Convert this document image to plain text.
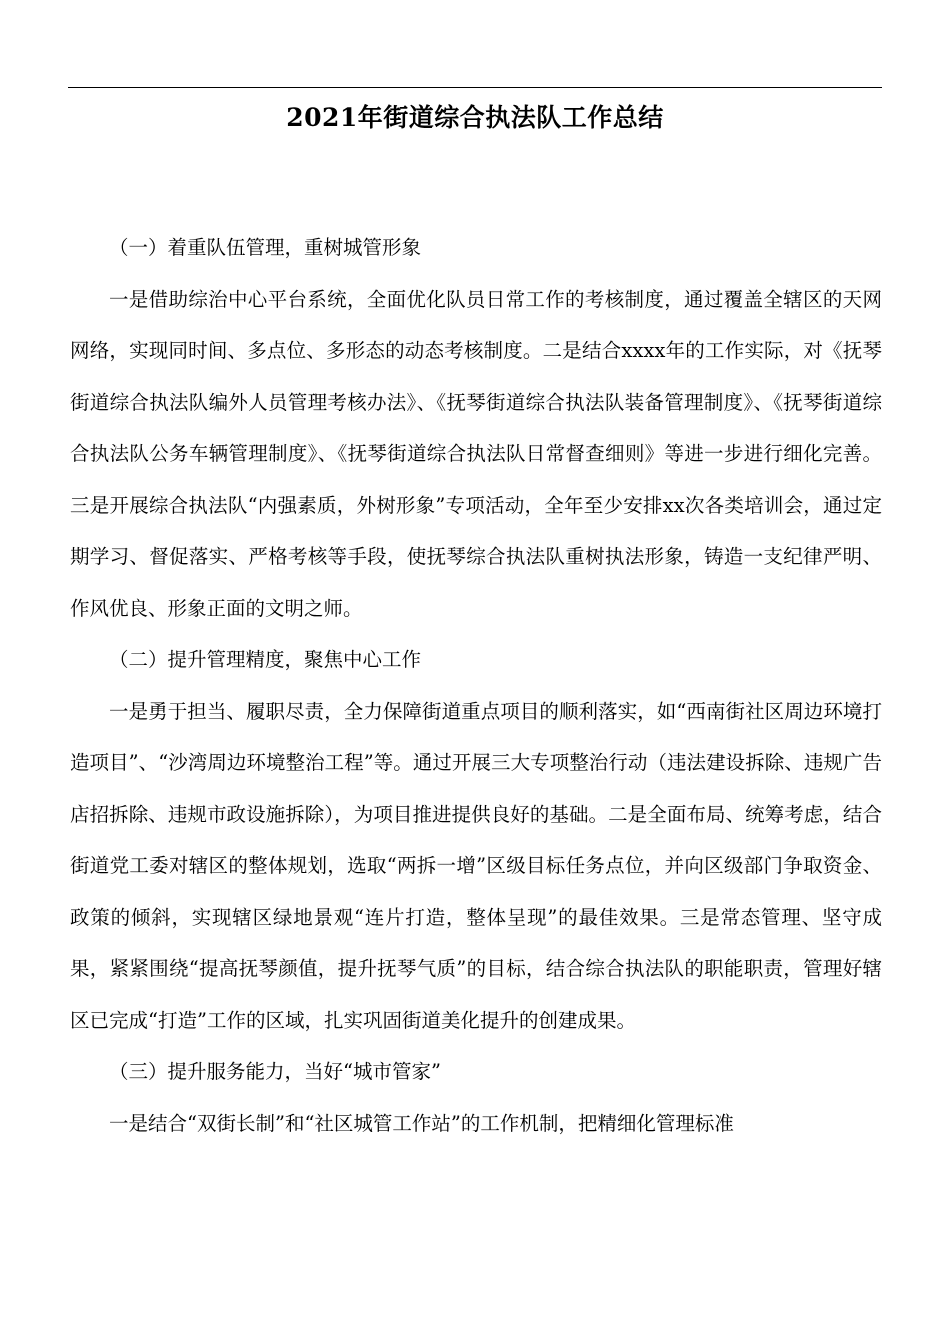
2021年街道综合执法队工作总结

（一）着重队伍管理，重树城管形象

一是借助综治中心平台系统，全面优化队员日常工作的考核制度，通过覆盖全辖区的天网网络，实现同时间、多点位、多形态的动态考核制度。二是结合xxxx年的工作实际，对《抚琴街道综合执法队编外人员管理考核办法》、《抚琴街道综合执法队装备管理制度》、《抚琴街道综合执法队公务车辆管理制度》、《抚琴街道综合执法队日常督查细则》等进一步进行细化完善。三是开展综合执法队“内强素质，外树形象”专项活动，全年至少安排xx次各类培训会，通过定期学习、督促落实、严格考核等手段，使抚琴综合执法队重树执法形象，铸造一支纪律严明、作风优良、形象正面的文明之师。

（二）提升管理精度，聚焦中心工作

一是勇于担当、履职尽责，全力保障街道重点项目的顺利落实，如“西南街社区周边环境打造项目”、“沙湾周边环境整治工程”等。通过开展三大专项整治行动（违法建设拆除、违规广告店招拆除、违规市政设施拆除），为项目推进提供良好的基础。二是全面布局、统筹考虑，结合街道党工委对辖区的整体规划，选取“两拆一增”区级目标任务点位，并向区级部门争取资金、政策的倾斜，实现辖区绿地景观“连片打造，整体呈现”的最佳效果。三是常态管理、坚守成果，紧紧围绕“提高抚琴颜值，提升抚琴气质”的目标，结合综合执法队的职能职责，管理好辖区已完成“打造”工作的区域，扎实巩固街道美化提升的创建成果。

（三）提升服务能力，当好“城市管家”

一是结合“双街长制”和“社区城管工作站”的工作机制，把精细化管理标准
